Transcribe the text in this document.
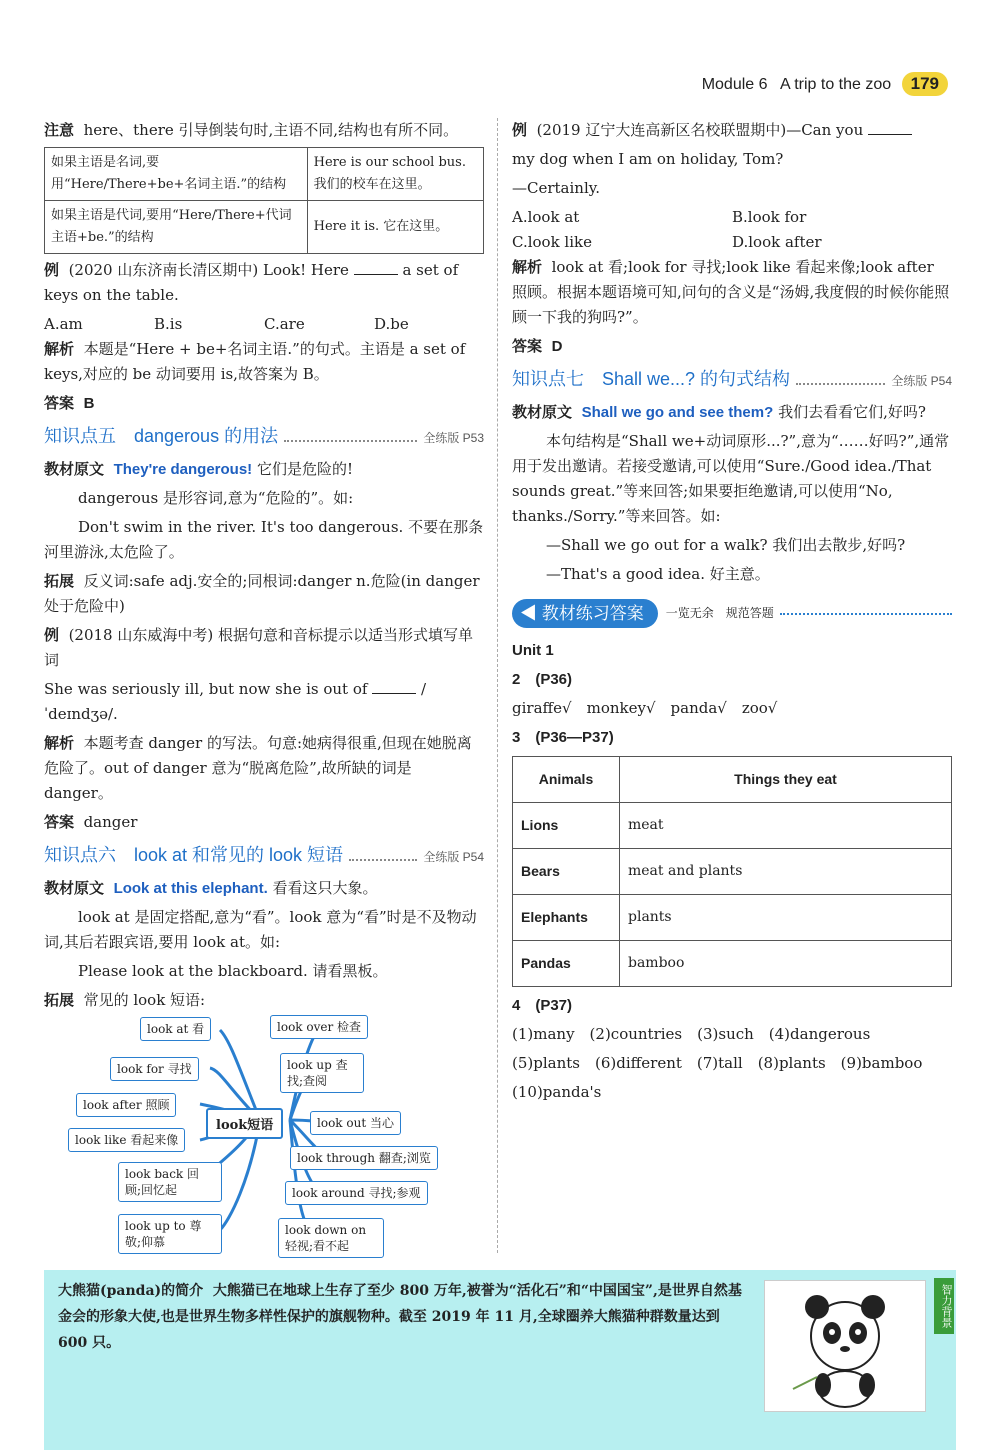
Module 6 A trip to the zoo 179

注意 here、there 引导倒装句时,主语不同,结构也有所不同。

如果主语是名词,要用“Here/There+be+名词主语.”的结构	Here is our school bus. 我们的校车在这里。
如果主语是代词,要用“Here/There+代词主语+be.”的结构	Here it is. 它在这里。

例 (2020 山东济南长清区期中) Look! Here	a set of keys on the table.

A.am	B.is	C.are	D.be

解析 本题是“Here + be+名词主语.”的句式。主语是 a set of keys,对应的 be 动词要用 is,故答案为 B。

答案 B

知识点五　dangerous 的用法	全练版 P53

教材原文 They're dangerous! 它们是危险的!

dangerous 是形容词,意为“危险的”。如:

Don't swim in the river. It's too dangerous. 不要在那条河里游泳,太危险了。

拓展 反义词:safe adj.安全的;同根词:danger n.危险(in danger 处于危险中)

例 (2018 山东威海中考) 根据句意和音标提示以适当形式填写单词

She was seriously ill, but now she is out of	/ˈdeɪndʒə/.

解析 本题考查 danger 的写法。句意:她病得很重,但现在她脱离危险了。out of danger 意为“脱离危险”,故所缺的词是 danger。

答案 danger

知识点六　look at 和常见的 look 短语	全练版 P54

教材原文 Look at this elephant. 看看这只大象。

look at 是固定搭配,意为“看”。look 意为“看”时是不及物动词,其后若跟宾语,要用 look at。如:

Please look at the blackboard. 请看黑板。

拓展 常见的 look 短语:

look短语
look at 看
look for 寻找
look after 照顾
look like 看起来像
look back 回顾;回忆起
look up to 尊敬;仰慕
look over 检查
look up 查找;查阅
look out 当心
look through 翻查;浏览
look around 寻找;参观
look down on 轻视;看不起

例 (2019 辽宁大连高新区名校联盟期中)—Can you

my dog when I am on holiday, Tom?

—Certainly.

A.look at	B.look for
C.look like	D.look after

解析 look at 看;look for 寻找;look like 看起来像;look after 照顾。根据本题语境可知,问句的含义是“汤姆,我度假的时候你能照顾一下我的狗吗?”。

答案 D

知识点七　Shall we...? 的句式结构	全练版 P54

教材原文 Shall we go and see them? 我们去看看它们,好吗?

本句结构是“Shall we+动词原形...?”,意为“……好吗?”,通常用于发出邀请。若接受邀请,可以使用“Sure./Good idea./That sounds great.”等来回答;如果要拒绝邀请,可以使用“No, thanks./Sorry.”等来回答。如:

—Shall we go out for a walk? 我们出去散步,好吗?

—That's a good idea. 好主意。

◀ 教材练习答案	一览无余　规范答题

Unit 1

2　(P36)

giraffe√　monkey√　panda√　zoo√

3　(P36—P37)

Animals	Things they eat
Lions	meat
Bears	meat and plants
Elephants	plants
Pandas	bamboo

4　(P37)

(1)many　(2)countries　(3)such　(4)dangerous

(5)plants　(6)different　(7)tall　(8)plants　(9)bamboo

(10)panda's

大熊猫(panda)的简介 大熊猫已在地球上生存了至少 800 万年,被誉为“活化石”和“中国国宝”,是世界自然基金会的形象大使,也是世界生物多样性保护的旗舰物种。截至 2019 年 11 月,全球圈养大熊猫种群数量达到 600 只。
智力背景
